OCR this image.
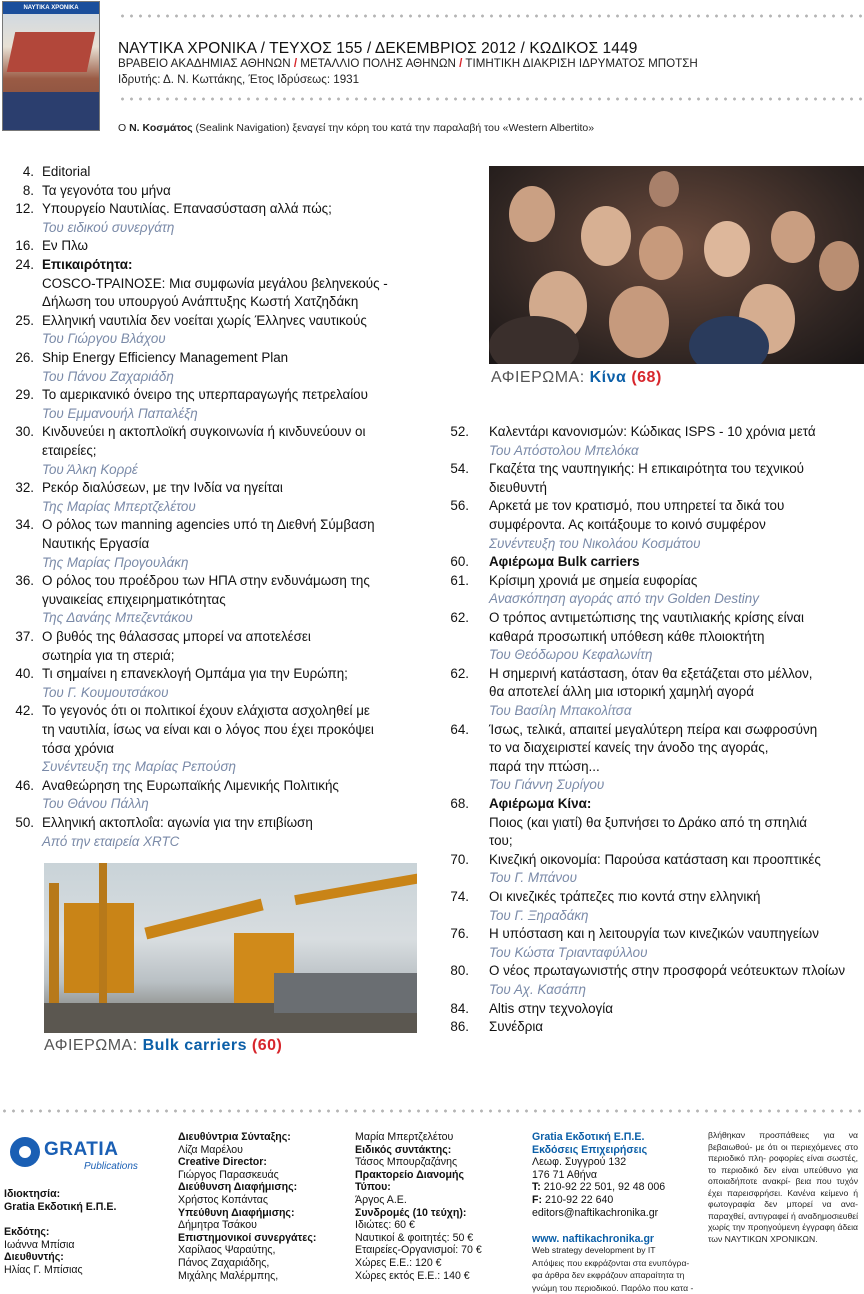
ΝΑΥΤΙΚΑ ΧΡΟΝΙΚΑ
ΝΑΥΤΙΚΑ ΧΡΟΝΙΚΑ / ΤΕΥΧΟΣ 155 / ΔΕΚΕΜΒΡΙΟΣ 2012 / ΚΩΔΙΚΟΣ 1449
ΒΡΑΒΕΙΟ ΑΚΑΔΗΜΙΑΣ ΑΘΗΝΩΝ / ΜΕΤΑΛΛΙΟ ΠΟΛΗΣ ΑΘΗΝΩΝ / ΤΙΜΗΤΙΚΗ ΔΙΑΚΡΙΣΗ ΙΔΡΥΜΑΤΟΣ ΜΠΟΤΣΗ
Ιδρυτής: Δ. Ν. Κωττάκης, Έτος Ιδρύσεως: 1931
Ο Ν. Κοσμάτος (Sealink Navigation) ξεναγεί την κόρη του κατά την παραλαβή του «Western Albertito»
4. Editorial
8. Τα γεγονότα του μήνα
12. Υπουργείο Ναυτιλίας. Επανασύσταση αλλά πώς;
Του ειδικού συνεργάτη
16. Εν Πλω
24. Επικαιρότητα:
COSCO-ΤΡΑΙΝΟΣΕ: Μια συμφωνία μεγάλου βεληνεκούς -
Δήλωση του υπουργού Ανάπτυξης Κωστή Χατζηδάκη
25. Ελληνική ναυτιλία δεν νοείται χωρίς Έλληνες ναυτικούς
Του Γιώργου Βλάχου
26. Ship Energy Efficiency Management Plan
Του Πάνου Ζαχαριάδη
29. Το αμερικανικό όνειρο της υπερπαραγωγής πετρελαίου
Του Εμμανουήλ Παπαλέξη
30. Κινδυνεύει η ακτοπλοϊκή συγκοινωνία ή κινδυνεύουν οι
εταιρείες;
Του Άλκη Κορρέ
32. Ρεκόρ διαλύσεων, με την Ινδία να ηγείται
Της Μαρίας Μπερτζελέτου
34. Ο ρόλος των manning agencies υπό τη Διεθνή Σύμβαση
Ναυτικής Εργασία
Της Μαρίας Προγουλάκη
36. Ο ρόλος του προέδρου των ΗΠΑ στην ενδυνάμωση της
γυναικείας επιχειρηματικότητας
Της Δανάης Μπεζεντάκου
37. Ο βυθός της θάλασσας μπορεί να αποτελέσει
σωτηρία για τη στεριά;
40. Τι σημαίνει η επανεκλογή Ομπάμα για την Ευρώπη;
Του Γ. Κουμουτσάκου
42. Το γεγονός ότι οι πολιτικοί έχουν ελάχιστα ασχοληθεί με
τη ναυτιλία, ίσως να είναι και ο λόγος που έχει προκόψει
τόσα χρόνια
Συνέντευξη της Μαρίας Ρεπούση
46. Αναθεώρηση της Ευρωπαϊκής Λιμενικής Πολιτικής
Του Θάνου Πάλλη
50. Ελληνική ακτοπλοΐα: αγωνία για την επιβίωση
Από την εταιρεία XRTC
52. Καλεντάρι κανονισμών: Κώδικας ISPS - 10 χρόνια μετά
Του Απόστολου Μπελόκα
54. Γκαζέτα της ναυπηγικής: Η επικαιρότητα του τεχνικού
διευθυντή
56. Αρκετά με τον κρατισμό, που υπηρετεί τα δικά του
συμφέροντα. Ας κοιτάξουμε το κοινό συμφέρον
Συνέντευξη του Νικολάου Κοσμάτου
60. Αφιέρωμα Bulk carriers
61. Κρίσιμη χρονιά με σημεία ευφορίας
Ανασκόπηση αγοράς από την Golden Destiny
62. Ο τρόπος αντιμετώπισης της ναυτιλιακής κρίσης είναι
καθαρά προσωπική υπόθεση κάθε πλοιοκτήτη
Του Θεόδωρου Κεφαλωνίτη
62. Η σημερινή κατάσταση, όταν θα εξετάζεται στο μέλλον,
θα αποτελεί άλλη μια ιστορική χαμηλή αγορά
Του Βασίλη Μπακολίτσα
64. Ίσως, τελικά, απαιτεί μεγαλύτερη πείρα και σωφροσύνη
το να διαχειριστεί κανείς την άνοδο της αγοράς,
παρά την πτώση...
Του Γιάννη Συρίγου
68. Αφιέρωμα Κίνα:
Ποιος (και γιατί) θα ξυπνήσει το Δράκο από τη σπηλιά
του;
70. Κινεζική οικονομία: Παρούσα κατάσταση και προοπτικές
Του Γ. Μπάνου
74. Οι κινεζικές τράπεζες πιο κοντά στην ελληνική
Του Γ. Ξηραδάκη
76. Η υπόσταση και η λειτουργία των κινεζικών ναυπηγείων
Του Κώστα Τριανταφύλλου
80. Ο νέος πρωταγωνιστής στην προσφορά νεότευκτων πλοίων
Του Αχ. Κασάπη
84. Altis στην τεχνολογία
86. Συνέδρια
ΑΦΙΕΡΩΜΑ: Κίνα (68)
ΑΦΙΕΡΩΜΑ: Bulk carriers (60)
GRATIA
Publications
Ιδιοκτησία:
Gratia Εκδοτική Ε.Π.Ε.
Εκδότης:
Ιωάννα Μπίσια
Διευθυντής:
Ηλίας Γ. Μπίσιας
Διευθύντρια Σύνταξης:
Λίζα Μαρέλου
Creative Director:
Γιώργος Παρασκευάς
Διεύθυνση Διαφήμισης:
Χρήστος Κοπάντας
Υπεύθυνη Διαφήμισης:
Δήμητρα Τσάκου
Επιστημονικοί συνεργάτες:
Χαρίλαος Ψαραύτης,
Πάνος Ζαχαριάδης,
Μιχάλης Μαλέρμπης,
Μαρία Μπερτζελέτου
Ειδικός συντάκτης:
Τάσος Μπουρζαζάνης
Πρακτορείο Διανομής
Τύπου:
Άργος Α.Ε.
Συνδρομές (10 τεύχη):
Ιδιώτες: 60 €
Ναυτικοί & φοιτητές: 50 €
Εταιρείες-Οργανισμοί: 70 €
Χώρες Ε.Ε.: 120 €
Χώρες εκτός Ε.Ε.: 140 €
Gratia Εκδοτική Ε.Π.Ε.
Εκδόσεις Επιχειρήσεις
Λεωφ. Συγγρού 132
176 71 Αθήνα
T: 210-92 22 501, 92 48 006
F: 210-92 22 640
editors@naftikachronika.gr
www. naftikachronika.gr
Web strategy development by IT
Απόψεις που εκφράζονται στα ενυπόγρα-
φα άρθρα δεν εκφράζουν απαραίτητα τη
γνώμη του περιοδικού. Παρόλο που κατα -
βλήθηκαν προσπάθειες για να βεβαιωθού- με ότι οι περιεχόμενες στο περιοδικό πλη- ροφορίες είναι σωστές, το περιοδικό δεν είναι υπεύθυνο για οποιαδήποτε ανακρί- βεια που τυχόν έχει παρεισφρήσει. Κανένα κείμενο ή φωτογραφία δεν μπορεί να ανα- παραχθεί, αντιγραφεί ή αναδημοσιευθεί χωρίς την προηγούμενη έγγραφη άδεια των ΝΑΥΤΙΚΩΝ ΧΡΟΝΙΚΩΝ.
